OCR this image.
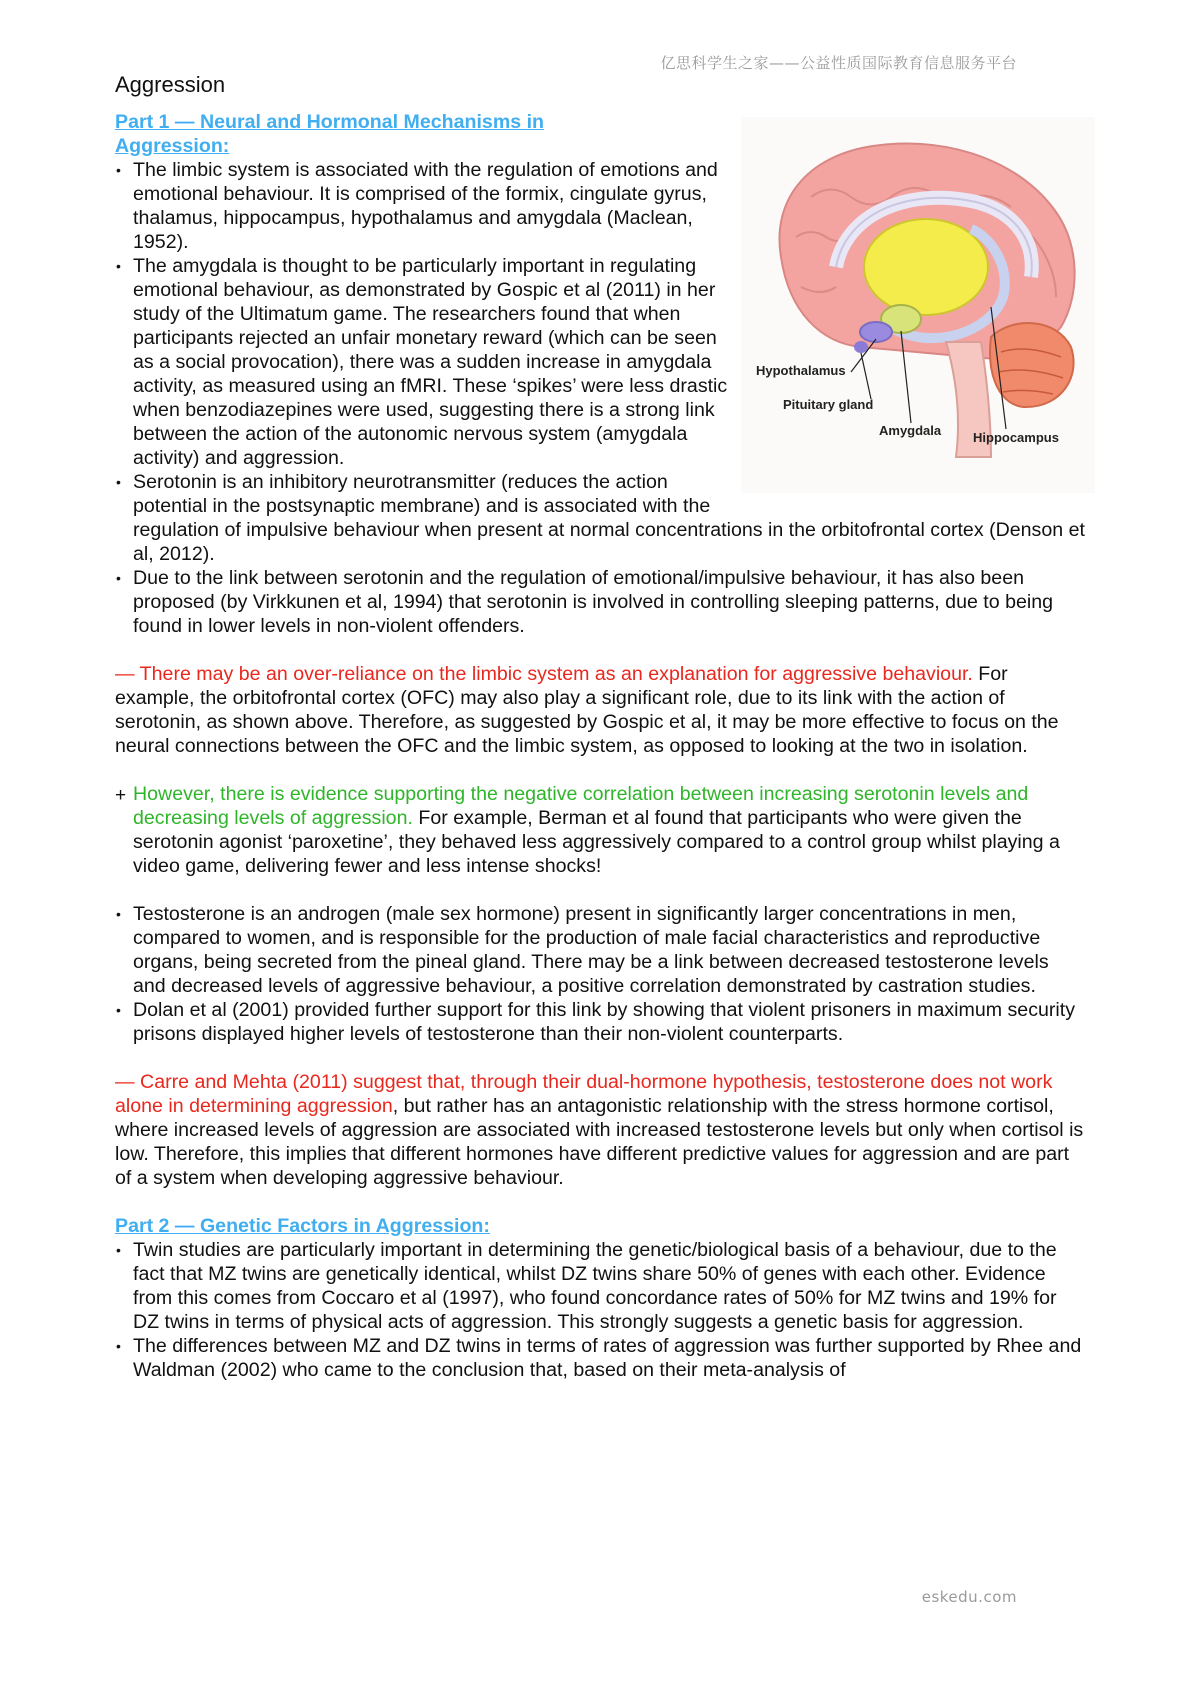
亿思科学生之家——公益性质国际教育信息服务平台
Aggression
Hypothalamus
Pituitary gland
Amygdala Hippocampus

Part 1 — Neural and Hormonal Mechanisms in Aggression:

• The limbic system is associated with the regulation of emotions and emotional behaviour. It is comprised of the formix, cingulate gyrus, thalamus, hippocampus, hypothalamus and amygdala (Maclean, 1952).
• The amygdala is thought to be particularly important in regulating emotional behaviour, as demonstrated by Gospic et al (2011) in her study of the Ultimatum game. The researchers found that when participants rejected an unfair monetary reward (which can be seen as a social provocation), there was a sudden increase in amygdala activity, as measured using an fMRI. These ‘spikes’ were less drastic when benzodiazepines were used, suggesting there is a strong link between the action of the autonomic nervous system (amygdala activity) and aggression.
• Serotonin is an inhibitory neurotransmitter (reduces the action potential in the postsynaptic membrane) and is associated with the regulation of impulsive behaviour when present at normal concentrations in the orbitofrontal cortex (Denson et al, 2012).
• Due to the link between serotonin and the regulation of emotional/impulsive behaviour, it has also been proposed (by Virkkunen et al, 1994) that serotonin is involved in controlling sleeping patterns, due to being found in lower levels in non-violent offenders.

— There may be an over-reliance on the limbic system as an explanation for aggressive behaviour. For example, the orbitofrontal cortex (OFC) may also play a significant role, due to its link with the action of serotonin, as shown above. Therefore, as suggested by Gospic et al, it may be more effective to focus on the neural connections between the OFC and the limbic system, as opposed to looking at the two in isolation.

+ However, there is evidence supporting the negative correlation between increasing serotonin levels and decreasing levels of aggression. For example, Berman et al found that participants who were given the serotonin agonist ‘paroxetine’, they behaved less aggressively compared to a control group whilst playing a video game, delivering fewer and less intense shocks!

• Testosterone is an androgen (male sex hormone) present in significantly larger concentrations in men, compared to women, and is responsible for the production of male facial characteristics and reproductive organs, being secreted from the pineal gland. There may be a link between decreased testosterone levels and decreased levels of aggressive behaviour, a positive correlation demonstrated by castration studies.
• Dolan et al (2001) provided further support for this link by showing that violent prisoners in maximum security prisons displayed higher levels of testosterone than their non-violent counterparts.

— Carre and Mehta (2011) suggest that, through their dual-hormone hypothesis, testosterone does not work alone in determining aggression, but rather has an antagonistic relationship with the stress hormone cortisol, where increased levels of aggression are associated with increased testosterone levels but only when cortisol is low. Therefore, this implies that different hormones have different predictive values for aggression and are part of a system when developing aggressive behaviour.

Part 2 — Genetic Factors in Aggression:

• Twin studies are particularly important in determining the genetic/biological basis of a behaviour, due to the fact that MZ twins are genetically identical, whilst DZ twins share 50% of genes with each other. Evidence from this comes from Coccaro et al (1997), who found concordance rates of 50% for MZ twins and 19% for DZ twins in terms of physical acts of aggression. This strongly suggests a genetic basis for aggression.
• The differences between MZ and DZ twins in terms of rates of aggression was further supported by Rhee and Waldman (2002) who came to the conclusion that, based on their meta-analysis of
eskedu.com
